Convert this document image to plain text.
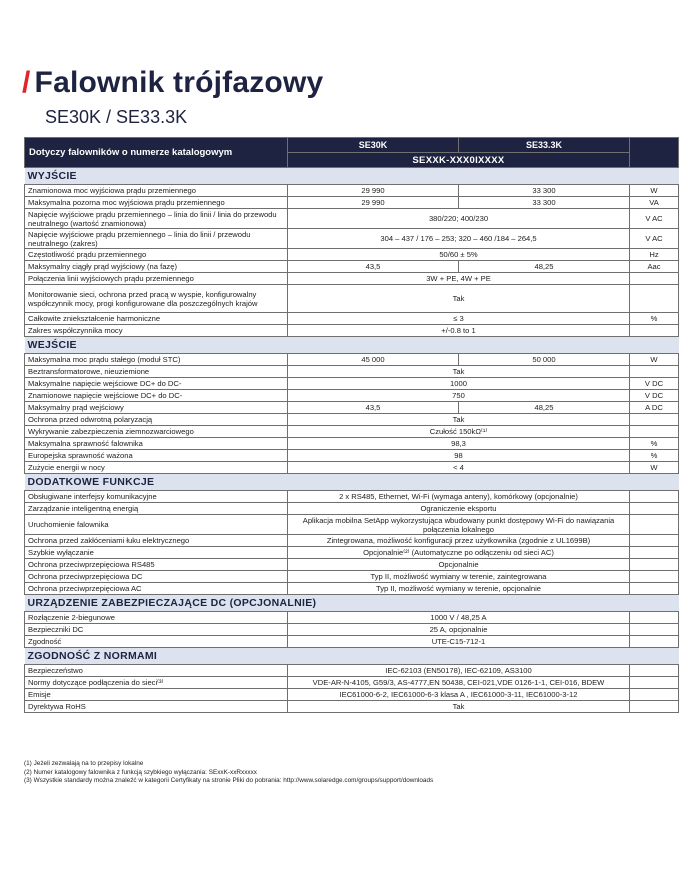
/ Falownik trójfazowy
SE30K / SE33.3K
Dotyczy falowników o numerze katalogowym	SE30K	SE33.3K	
	SEXXK-XXX0IXXXX		
WYJŚCIE			
Znamionowa moc wyjściowa prądu przemiennego	29 990	33 300	W
Maksymalna pozorna moc wyjściowa prądu przemiennego	29 990	33 300	VA
Napięcie wyjściowe prądu przemiennego – linia do linii / linia do przewodu neutralnego (wartość znamionowa)	380/220; 400/230		V AC
Napięcie wyjściowe prądu przemiennego – linia do linii / przewodu neutralnego (zakres)	304 – 437 / 176 – 253; 320 – 460 /184 – 264,5		V AC
Częstotliwość prądu przemiennego	50/60 ± 5%		Hz
Maksymalny ciągły prąd wyjściowy (na fazę)	43,5	48,25	Aac
Połączenia linii wyjściowych prądu przemiennego	3W + PE, 4W + PE		
Monitorowanie sieci, ochrona przed pracą w wyspie, konfigurowalny współczynnik mocy, progi konfigurowane dla poszczególnych krajów	Tak		
Całkowite zniekształcenie harmoniczne	≤ 3		%
Zakres współczynnika mocy	+/-0.8 to 1		
WEJŚCIE			
Maksymalna moc prądu stałego (moduł STC)	45 000	50 000	W
Beztransformatorowe, nieuziemione	Tak		
Maksymalne napięcie wejściowe DC+ do DC-	1000		V DC
Znamionowe napięcie wejściowe DC+ do DC-	750		V DC
Maksymalny prąd wejściowy	43,5	48,25	A DC
Ochrona przed odwrotną polaryzacją	Tak		
Wykrywanie zabezpieczenia ziemnozwarciowego	Czułość 150kΩ⁽¹⁾		
Maksymalna sprawność falownika	98,3		%
Europejska sprawność ważona	98		%
Zużycie energii w nocy	< 4		W
DODATKOWE FUNKCJE			
Obsługiwane interfejsy komunikacyjne	2 x RS485, Ethernet, Wi-Fi (wymaga anteny), komórkowy (opcjonalnie)		
Zarządzanie inteligentną energią	Ograniczenie eksportu		
Uruchomienie falownika	Aplikacja mobilna SetApp wykorzystująca wbudowany punkt dostępowy Wi-Fi do nawiązania połączenia lokalnego		
Ochrona przed zakłóceniami łuku elektrycznego	Zintegrowana, możliwość konfiguracji przez użytkownika (zgodnie z UL1699B)		
Szybkie wyłączanie	Opcjonalnie⁽²⁾ (Automatyczne po odłączeniu od sieci AC)		
Ochrona przeciwprzepięciowa RS485	Opcjonalnie		
Ochrona przeciwprzepięciowa DC	Typ II, możliwość wymiany w terenie, zaintegrowana		
Ochrona przeciwprzepięciowa AC	Typ II, możliwość wymiany w terenie, opcjonalnie		
URZĄDZENIE ZABEZPIECZAJĄCE DC (OPCJONALNIE)			
Rozłączenie 2-biegunowe	1000 V / 48,25 A		
Bezpieczniki DC	25 A, opcjonalnie		
Zgodność	UTE-C15-712-1		
ZGODNOŚĆ Z NORMAMI			
Bezpieczeństwo	IEC-62103 (EN50178), IEC-62109, AS3100		
Normy dotyczące podłączenia do sieci⁽³⁾	VDE-AR-N-4105, G59/3, AS-4777,EN 50438, CEI-021,VDE 0126-1-1, CEI-016, BDEW		
Emisje	IEC61000-6-2, IEC61000-6-3 klasa A , IEC61000-3-11, IEC61000-3-12		
Dyrektywa RoHS	Tak		
(1) Jeżeli zezwalają na to przepisy lokalne
(2) Numer katalogowy falownika z funkcją szybkiego wyłączania: SExxK-xxRxxxxx
(3) Wszystkie standardy można znaleźć w kategorii Certyfikaty na stronie Pliki do pobrania: http://www.solaredge.com/groups/support/downloads
